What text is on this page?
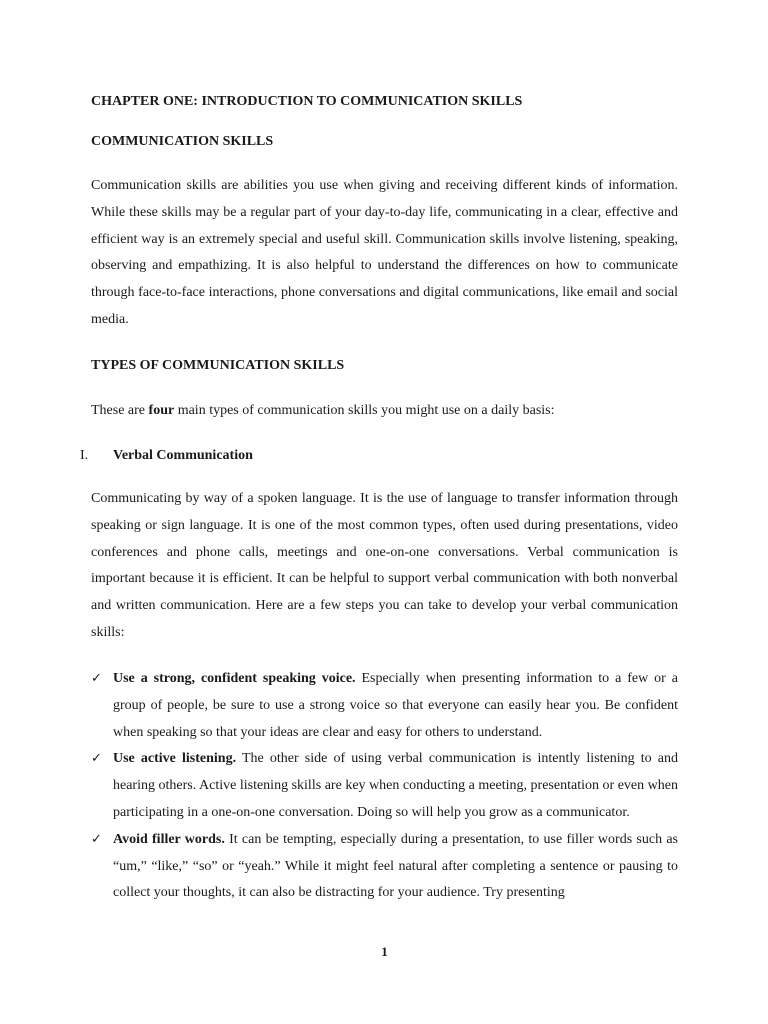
CHAPTER ONE: INTRODUCTION TO COMMUNICATION SKILLS
COMMUNICATION SKILLS

Communication skills are abilities you use when giving and receiving different kinds of information. While these skills may be a regular part of your day-to-day life, communicating in a clear, effective and efficient way is an extremely special and useful skill. Communication skills involve listening, speaking, observing and empathizing. It is also helpful to understand the differences on how to communicate through face-to-face interactions, phone conversations and digital communications, like email and social media.

TYPES OF COMMUNICATION SKILLS

These are four main types of communication skills you might use on a daily basis:

I. Verbal Communication

Communicating by way of a spoken language. It is the use of language to transfer information through speaking or sign language. It is one of the most common types, often used during presentations, video conferences and phone calls, meetings and one-on-one conversations. Verbal communication is important because it is efficient. It can be helpful to support verbal communication with both nonverbal and written communication. Here are a few steps you can take to develop your verbal communication skills:

✓ Use a strong, confident speaking voice. Especially when presenting information to a few or a group of people, be sure to use a strong voice so that everyone can easily hear you. Be confident when speaking so that your ideas are clear and easy for others to understand.
✓ Use active listening. The other side of using verbal communication is intently listening to and hearing others. Active listening skills are key when conducting a meeting, presentation or even when participating in a one-on-one conversation. Doing so will help you grow as a communicator.
✓ Avoid filler words. It can be tempting, especially during a presentation, to use filler words such as “um,” “like,” “so” or “yeah.” While it might feel natural after completing a sentence or pausing to collect your thoughts, it can also be distracting for your audience. Try presenting
1
